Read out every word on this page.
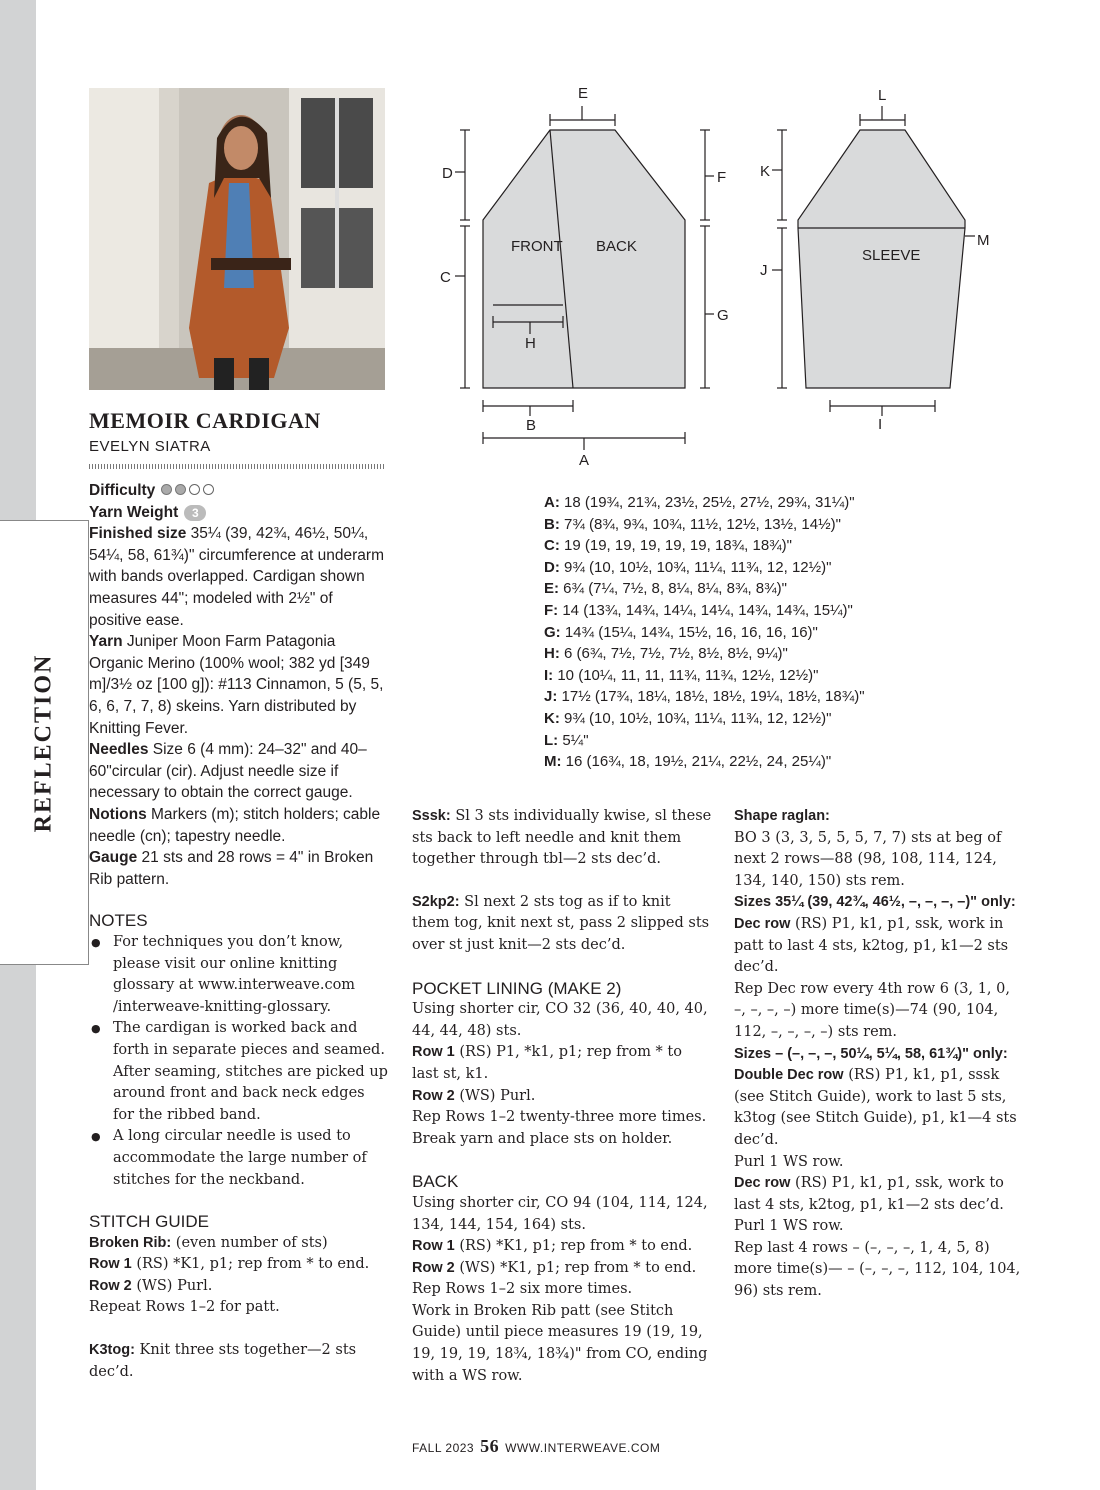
REFLECTION
MEMOIR CARDIGAN
EVELYN SIATRA

Difficulty

Yarn Weight 3

Finished size 35¼ (39, 42¾, 46½, 50¼, 54¼, 58, 61¾)" circumference at underarm with bands overlapped. Cardigan shown measures 44"; modeled with 2½" of positive ease.

Yarn Juniper Moon Farm Patagonia Organic Merino (100% wool; 382 yd [349 m]/3½ oz [100 g]): #113 Cinnamon, 5 (5, 5, 6, 6, 7, 7, 8) skeins. Yarn distributed by Knitting Fever.

Needles Size 6 (4 mm): 24–32" and 40–60"circular (cir). Adjust needle size if necessary to obtain the correct gauge.

Notions Markers (m); stitch holders; cable needle (cn); tapestry needle.

Gauge 21 sts and 28 rows = 4" in Broken Rib pattern.

NOTES

● For techniques you don’t know, please visit our online knitting glossary at www.interweave.com /interweave-knitting-glossary.
● The cardigan is worked back and forth in separate pieces and seamed. After seaming, stitches are picked up around front and back neck edges for the ribbed band.
● A long circular needle is used to accommodate the large number of stitches for the neckband.

STITCH GUIDE

Broken Rib: (even number of sts)

Row 1 (RS) *K1, p1; rep from * to end.

Row 2 (WS) Purl.

Repeat Rows 1–2 for patt.

K3tog: Knit three sts together—2 sts dec’d.

FRONT BACK
SLEEVE
E	L
D
C
F
G
H
B
A
K
J
M
I
A: 18 (19¾, 21¾, 23½, 25½, 27½, 29¾, 31¼)"
B: 7¾ (8¾, 9¾, 10¾, 11½, 12½, 13½, 14½)"
C: 19 (19, 19, 19, 19, 19, 18¾, 18¾)"
D: 9¾ (10, 10½, 10¾, 11¼, 11¾, 12, 12½)"
E: 6¾ (7¼, 7½, 8, 8¼, 8¼, 8¾, 8¾)"
F: 14 (13¾, 14¾, 14¼, 14¼, 14¾, 14¾, 15¼)"
G: 14¾ (15¼, 14¾, 15½, 16, 16, 16, 16)"
H: 6 (6¾, 7½, 7½, 7½, 8½, 8½, 9¼)"
I: 10 (10¼, 11, 11, 11¾, 11¾, 12½, 12½)"
J: 17½ (17¾, 18¼, 18½, 18½, 19¼, 18½, 18¾)"
K: 9¾ (10, 10½, 10¾, 11¼, 11¾, 12, 12½)"
L: 5¼"
M: 16 (16¾, 18, 19½, 21¼, 22½, 24, 25¼)"

Sssk: Sl 3 sts individually kwise, sl these sts back to left needle and knit them together through tbl—2 sts dec’d.

S2kp2: Sl next 2 sts tog as if to knit them tog, knit next st, pass 2 slipped sts over st just knit—2 sts dec’d.

POCKET LINING (MAKE 2)

Using shorter cir, CO 32 (36, 40, 40, 40, 44, 44, 48) sts.

Row 1 (RS) P1, *k1, p1; rep from * to last st, k1.

Row 2 (WS) Purl.

Rep Rows 1–2 twenty-three more times. Break yarn and place sts on holder.

BACK

Using shorter cir, CO 94 (104, 114, 124, 134, 144, 154, 164) sts.

Row 1 (RS) *K1, p1; rep from * to end.

Row 2 (WS) *K1, p1; rep from * to end.

Rep Rows 1–2 six more times.

Work in Broken Rib patt (see Stitch Guide) until piece measures 19 (19, 19, 19, 19, 19, 18¾, 18¾)" from CO, ending with a WS row.

Shape raglan:

BO 3 (3, 3, 5, 5, 5, 7, 7) sts at beg of next 2 rows—88 (98, 108, 114, 124, 134, 140, 150) sts rem.

Sizes 35¼ (39, 42¾, 46½, –, –, –, –)" only:

Dec row (RS) P1, k1, p1, ssk, work in patt to last 4 sts, k2tog, p1, k1—2 sts dec’d.

Rep Dec row every 4th row 6 (3, 1, 0, –, –, –, –) more time(s)—74 (90, 104, 112, –, –, –, –) sts rem.

Sizes – (–, –, –, 50¼, 5¼, 58, 61¾)" only:

Double Dec row (RS) P1, k1, p1, sssk (see Stitch Guide), work to last 5 sts, k3tog (see Stitch Guide), p1, k1—4 sts dec’d.

Purl 1 WS row.

Dec row (RS) P1, k1, p1, ssk, work to last 4 sts, k2tog, p1, k1—2 sts dec’d.

Purl 1 WS row.

Rep last 4 rows – (–, –, –, 1, 4, 5, 8) more time(s)— – (–, –, –, 112, 104, 104, 96) sts rem.

FALL 2023 56 WWW.INTERWEAVE.COM
